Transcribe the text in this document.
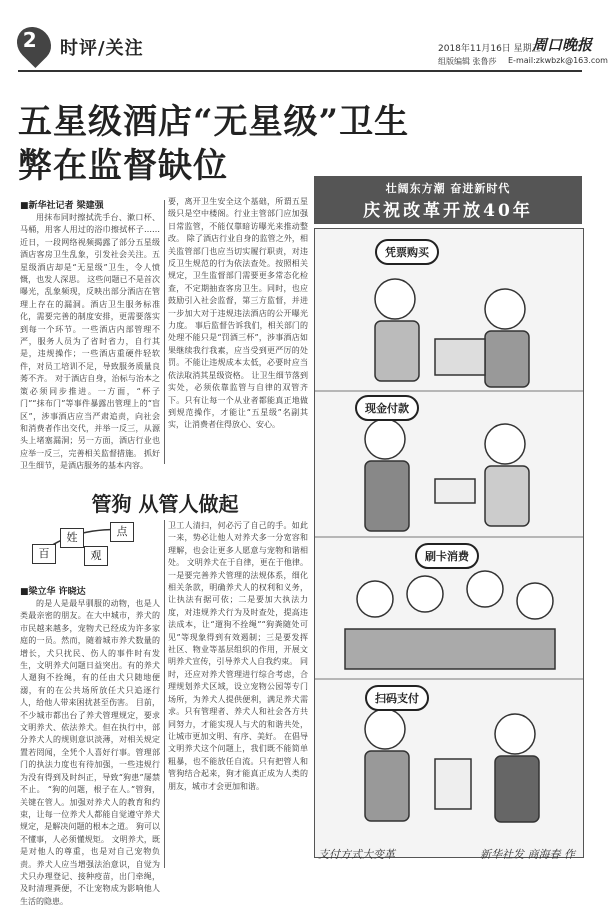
2	时评/关注	2018年11月16日 星期五
周口晚报
组版编辑 张鲁莎 E-mail:zkwbzk@163.com
五星级酒店“无星级”卫生
弊在监督缺位
■新华社记者 梁建强
用抹布同时擦拭洗手台、漱口杯、马桶，用客人用过的浴巾擦拭杯子……近日，一段网络视频揭露了部分五星级酒店客房卫生乱象，引发社会关注。五星级酒店却是“无星级”卫生，令人愤慨，也发人深思。 这些问题已不是首次曝光，乱象频现，反映出部分酒店在管理上存在的漏洞。酒店卫生服务标准化，需要完善的制度安排，更需要落实到每一个环节。一些酒店内部管理不严，服务人员为了省时省力，自行其是，违规操作；一些酒店重硬件轻软件，对员工培训不足，导致服务质量良莠不齐。 对于酒店自身，治标与治本之策必须同步推进。一方面，“杯子门”“抹布门”等事件暴露出管理上的“盲区”，涉事酒店应当严肃追责，向社会和消费者作出交代，并举一反三，从源头上堵塞漏洞；另一方面，酒店行业也应举一反三，完善相关监督措施。 抓好卫生细节，是酒店服务的基本内容。
要，离开卫生安全这个基础，所谓五星级只是空中楼阁。行业主管部门应加强日常监管，不能仅靠暗访曝光来推动整改。 除了酒店行业自身的监管之外，相关监管部门也应当切实履行职责，对违反卫生规范的行为依法查处。按照相关规定，卫生监督部门需要更多常态化检查，不定期抽查客房卫生。同时，也应鼓励引入社会监督，第三方监督，并进一步加大对于违规违法酒店的公开曝光力度。 事后监督告诉我们，相关部门的处理不能只是“罚酒三杯”，涉事酒店如果继续我行我素，应当受到更严厉的处罚。不能让违规成本太低，必要时应当依法取消其星级资格。 让卫生细节落到实处，必须依靠监管与自律的双管齐下。只有让每一个从业者都能真正地做到规范操作，才能让“五星级”名副其实，让消费者住得放心、安心。
管狗 从管人做起
百
姓
观
点
■梁立华 许晓达
的是人是最早驯服的动物，也是人类最亲密的朋友。在大中城市，养犬的市民越来越多，宠物犬已经成为许多家庭的一员。然而，随着城市养犬数量的增长，犬只扰民、伤人的事件时有发生，文明养犬问题日益突出。有的养犬人遛狗不拴绳，有的任由犬只随地便溺，有的在公共场所放任犬只追逐行人，给他人带来困扰甚至伤害。 目前，不少城市都出台了养犬管理规定，要求文明养犬、依法养犬。但在执行中，部分养犬人的规则意识淡薄，对相关规定置若罔闻，全凭个人喜好行事。管理部门的执法力度也有待加强，一些违规行为没有得到及时纠正，导致“狗患”屡禁不止。 “狗的问题，根子在人。”管狗，关键在管人。加强对养犬人的教育和约束，让每一位养犬人都能自觉遵守养犬规定，是解决问题的根本之道。 狗可以不懂事，人必须懂规矩。 文明养犬，既是对他人的尊重，也是对自己宠物负责。养犬人应当增强法治意识，自觉为犬只办理登记、接种疫苗，出门牵绳，及时清理粪便，不让宠物成为影响他人生活的隐患。
卫工人清扫，何必污了自己的手。如此一来，势必让他人对养犬多一分宽容和理解，也会让更多人愿意与宠物和谐相处。 文明养犬在于自律，更在于他律。一是要完善养犬管理的法规体系，细化相关条款，明确养犬人的权利和义务，让执法有据可依；二是要加大执法力度，对违规养犬行为及时查处，提高违法成本，让“遛狗不拴绳”“狗粪随处可见”等现象得到有效遏制；三是要发挥社区、物业等基层组织的作用，开展文明养犬宣传，引导养犬人自我约束。 同时，还应对养犬管理进行综合考虑，合理规划养犬区域，设立宠物公园等专门场所，为养犬人提供便利，满足养犬需求。只有管理者、养犬人和社会各方共同努力，才能实现人与犬的和谐共处，让城市更加文明、有序、美好。 在倡导文明养犬这个问题上，我们既不能简单粗暴，也不能放任自流。只有把管人和管狗结合起来，狗才能真正成为人类的朋友，城市才会更加和谐。
壮阔东方潮 奋进新时代
庆祝改革开放40年
凭票购买
现金付款
刷卡消费
扫码支付
支付方式大变革	新华社发 商海春 作
